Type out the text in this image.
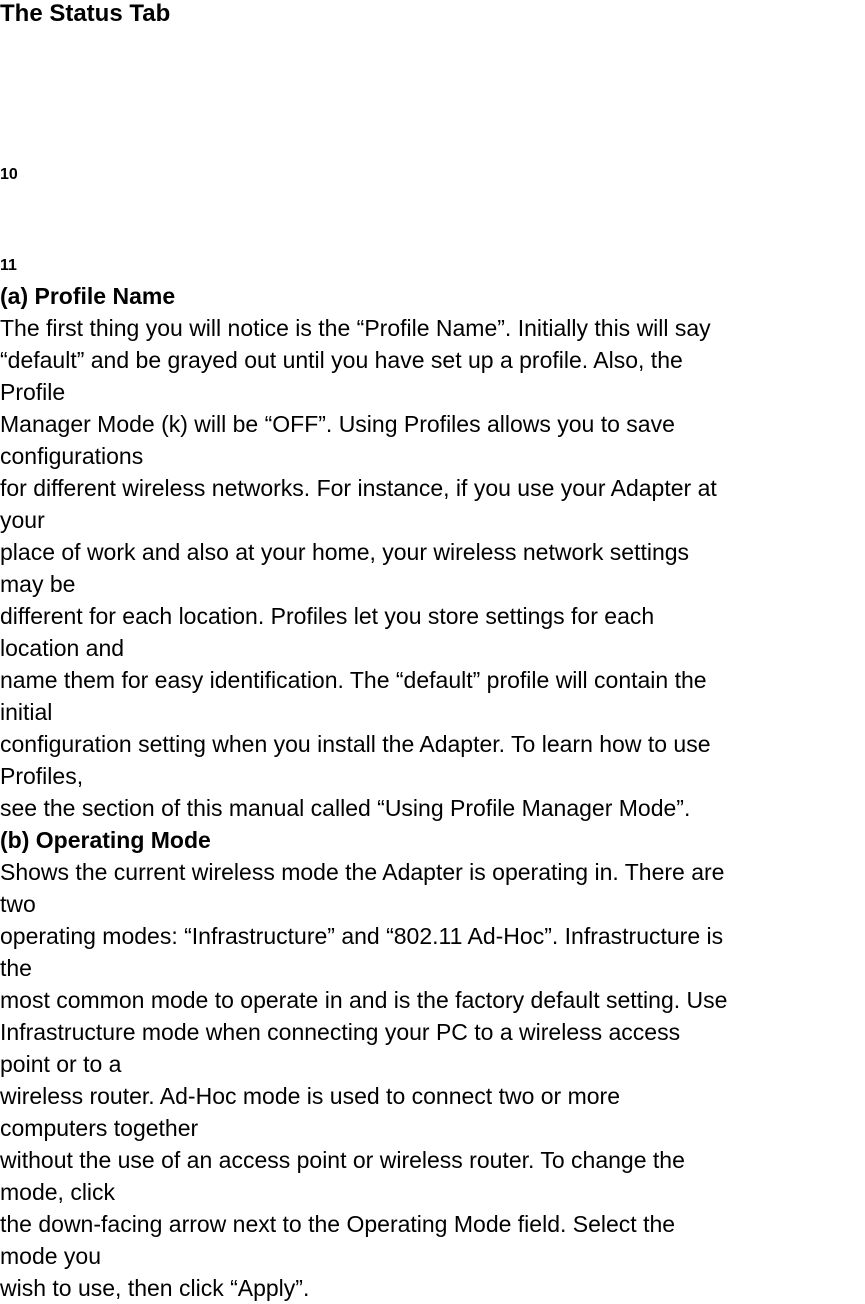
The Status Tab
10
11
(a) Profile Name
The first thing you will notice is the “Profile Name”. Initially this will say
“default” and be grayed out until you have set up a profile. Also, the
Profile
Manager Mode (k) will be “OFF”. Using Profiles allows you to save
configurations
for different wireless networks. For instance, if you use your Adapter at
your
place of work and also at your home, your wireless network settings
may be
different for each location. Profiles let you store settings for each
location and
name them for easy identification. The “default” profile will contain the
initial
configuration setting when you install the Adapter. To learn how to use
Profiles,
see the section of this manual called “Using Profile Manager Mode”.
(b) Operating Mode
Shows the current wireless mode the Adapter is operating in. There are
two
operating modes: “Infrastructure” and “802.11 Ad-Hoc”. Infrastructure is
the
most common mode to operate in and is the factory default setting. Use
Infrastructure mode when connecting your PC to a wireless access
point or to a
wireless router. Ad-Hoc mode is used to connect two or more
computers together
without the use of an access point or wireless router. To change the
mode, click
the down-facing arrow next to the Operating Mode field. Select the
mode you
wish to use, then click “Apply”.
